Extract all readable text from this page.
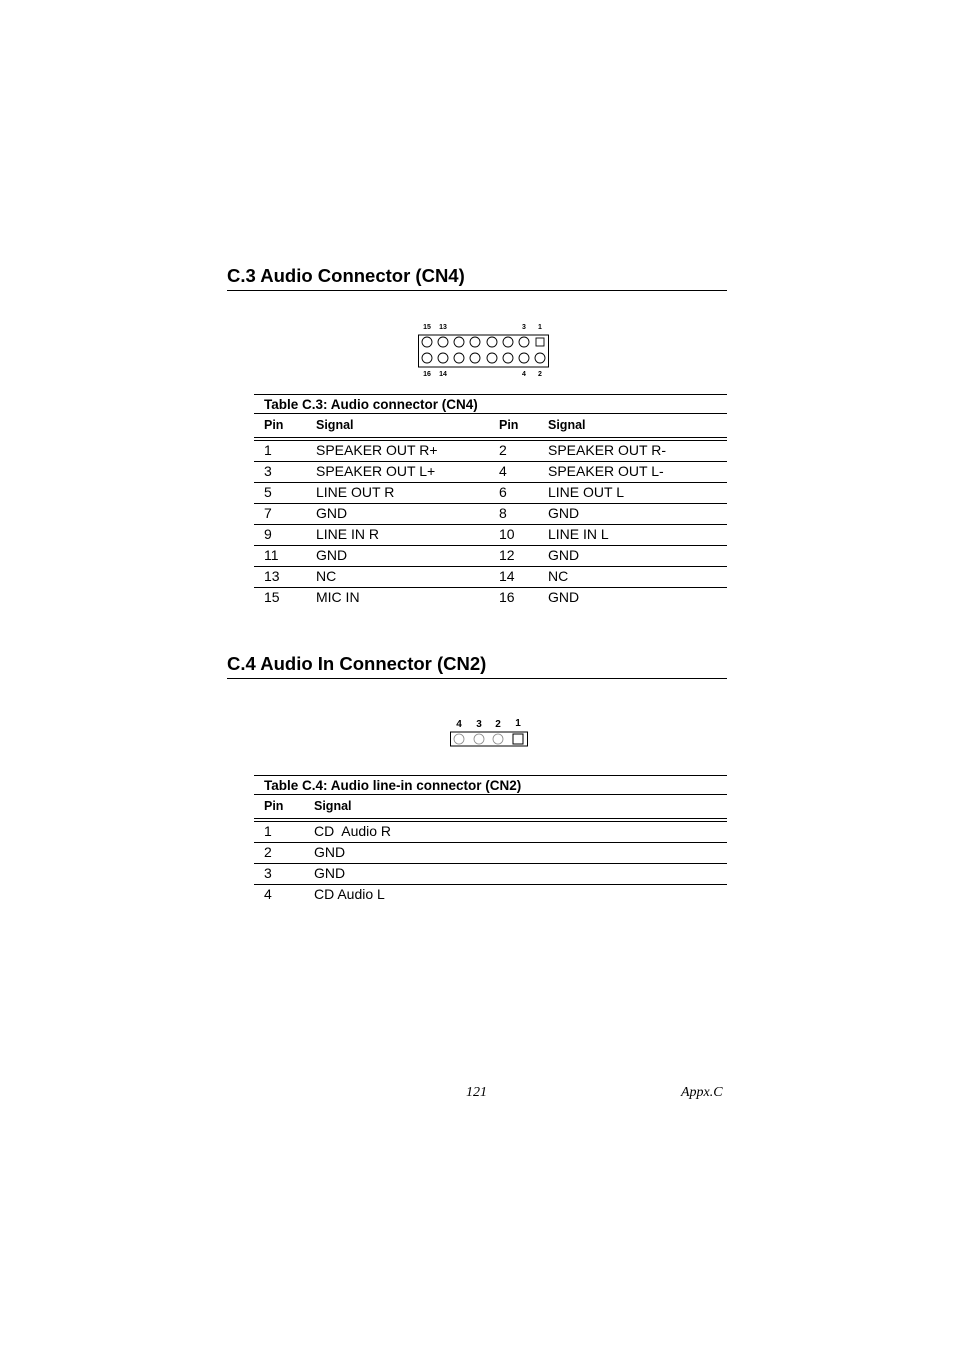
C.3 Audio Connector (CN4)
15 13	3 1
16 14	4 2
Table C.3: Audio connector (CN4)
Pin	Signal	Pin Signal
1	SPEAKER OUT R+	2	SPEAKER OUT R-
3	SPEAKER OUT L+	4	SPEAKER OUT L-
5	LINE OUT R	6	LINE OUT L
7	GND	8	GND
9	LINE IN R	10 LINE IN L
11	GND	12 GND
13	NC	14 NC
15	MIC IN	16 GND
C.4 Audio In Connector (CN2)
4 3 2 1
Table C.4: Audio line-in connector (CN2)
Pin Signal
1	CD  Audio R
2	GND
3	GND
4	CD Audio L
121	Appx.C
